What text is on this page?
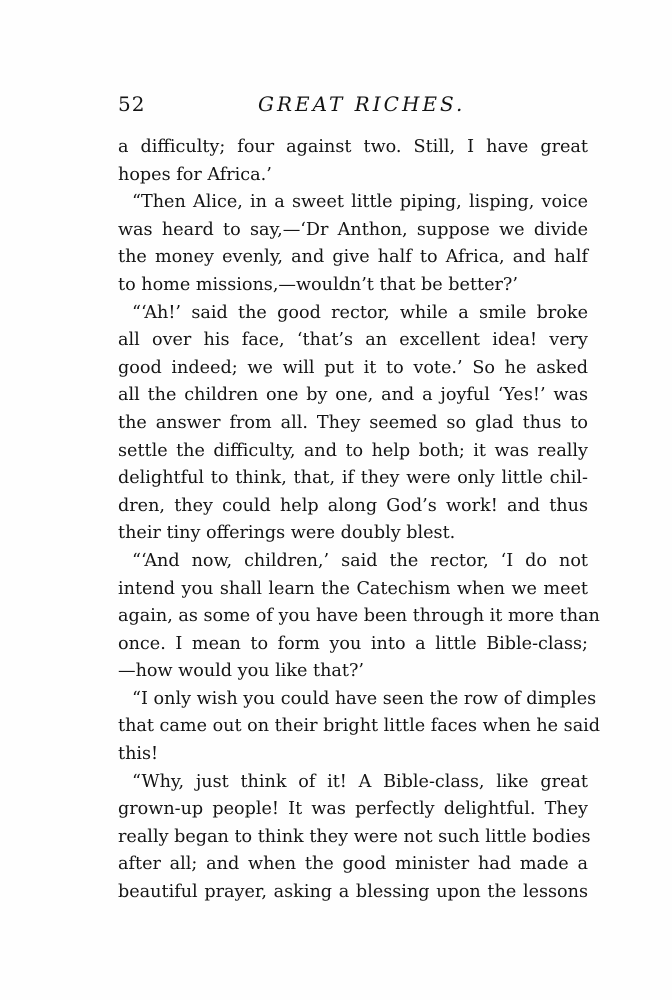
52	GREAT RICHES.
a difficulty; four against two. Still, I have great
hopes for Africa.’
“Then Alice, in a sweet little piping, lisping, voice
was heard to say,—‘Dr Anthon, suppose we divide
the money evenly, and give half to Africa, and half
to home missions,—wouldn’t that be better?’
“‘Ah!’ said the good rector, while a smile broke
all over his face, ‘that’s an excellent idea! very
good indeed; we will put it to vote.’ So he asked
all the children one by one, and a joyful ‘Yes!’ was
the answer from all. They seemed so glad thus to
settle the difficulty, and to help both; it was really
delightful to think, that, if they were only little chil-
dren, they could help along God’s work! and thus
their tiny offerings were doubly blest.
“‘And now, children,’ said the rector, ‘I do not
intend you shall learn the Catechism when we meet
again, as some of you have been through it more than
once. I mean to form you into a little Bible-class;
—how would you like that?’
“I only wish you could have seen the row of dimples
that came out on their bright little faces when he said
this!
“Why, just think of it! A Bible-class, like great
grown-up people! It was perfectly delightful. They
really began to think they were not such little bodies
after all; and when the good minister had made a
beautiful prayer, asking a blessing upon the lessons
